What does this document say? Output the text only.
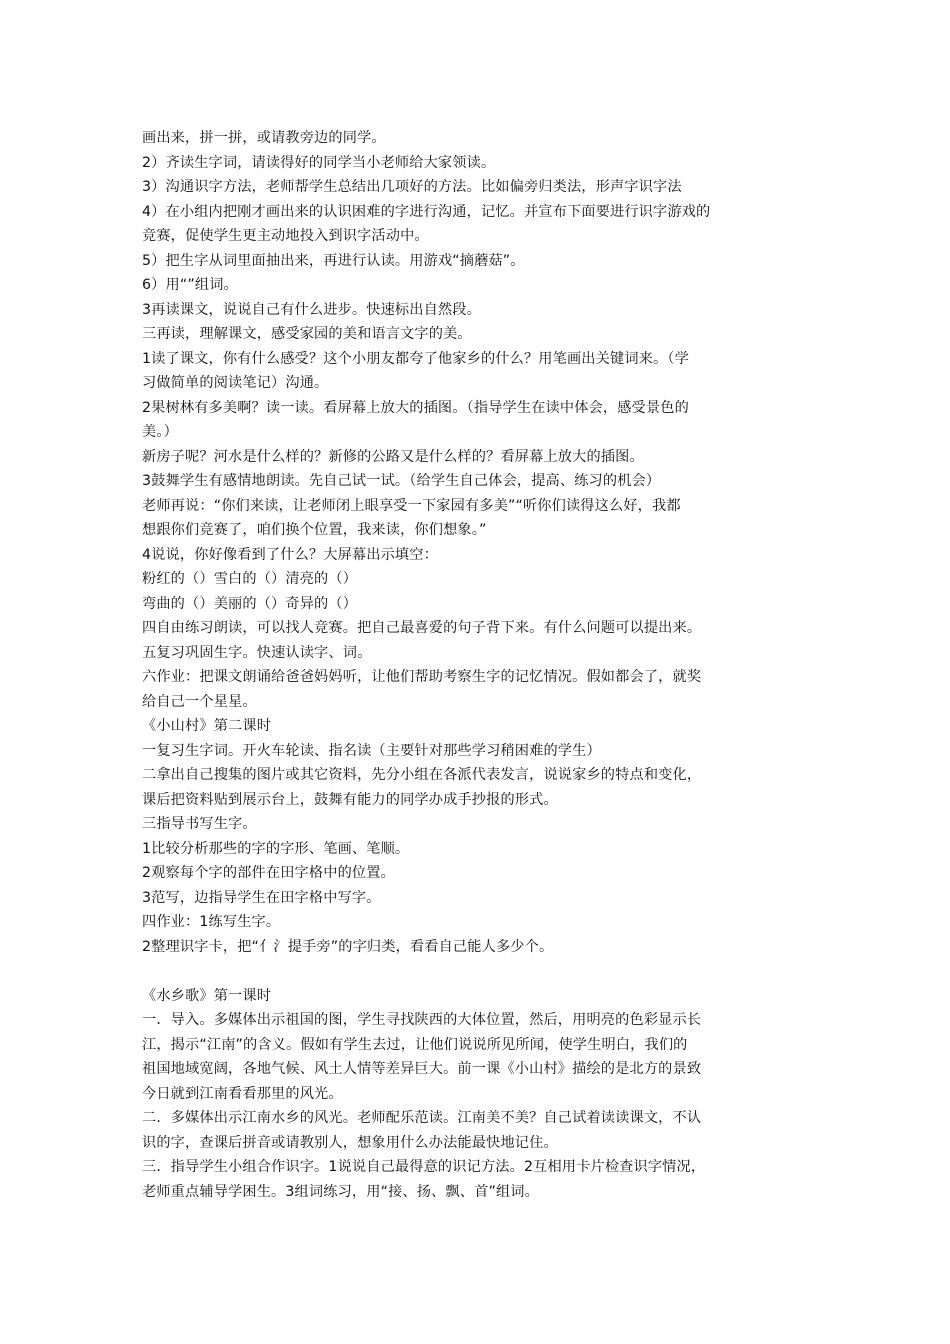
画出来，拼一拼，或请教旁边的同学。
2）齐读生字词，请读得好的同学当小老师给大家领读。
3）沟通识字方法，老师帮学生总结出几项好的方法。比如偏旁归类法，形声字识字法
4）在小组内把刚才画出来的认识困难的字进行沟通，记忆。并宣布下面要进行识字游戏的
竞赛，促使学生更主动地投入到识字活动中。
5）把生字从词里面抽出来，再进行认读。用游戏“摘蘑菇”。
6）用“”组词。
3再读课文，说说自己有什么进步。快速标出自然段。
三再读，理解课文，感受家园的美和语言文字的美。
1读了课文，你有什么感受？这个小朋友都夸了他家乡的什么？用笔画出关键词来。（学
习做简单的阅读笔记）沟通。
2果树林有多美啊？读一读。看屏幕上放大的插图。（指导学生在读中体会，感受景色的
美。）
新房子呢？河水是什么样的？新修的公路又是什么样的？看屏幕上放大的插图。
3鼓舞学生有感情地朗读。先自己试一试。（给学生自己体会，提高、练习的机会）
老师再说：“你们来读，让老师闭上眼享受一下家园有多美”“听你们读得这么好，我都
想跟你们竞赛了，咱们换个位置，我来读，你们想象。”
4说说，你好像看到了什么？大屏幕出示填空：
粉红的（）雪白的（）清亮的（）
弯曲的（）美丽的（）奇异的（）
四自由练习朗读，可以找人竞赛。把自己最喜爱的句子背下来。有什么问题可以提出来。
五复习巩固生字。快速认读字、词。
六作业：把课文朗诵给爸爸妈妈听，让他们帮助考察生字的记忆情况。假如都会了，就奖
给自己一个星星。
《小山村》第二课时
一复习生字词。开火车轮读、指名读（主要针对那些学习稍困难的学生）
二拿出自己搜集的图片或其它资料，先分小组在各派代表发言，说说家乡的特点和变化，
课后把资料贴到展示台上，鼓舞有能力的同学办成手抄报的形式。
三指导书写生字。
1比较分析那些的字的字形、笔画、笔顺。
2观察每个字的部件在田字格中的位置。
3范写，边指导学生在田字格中写字。
四作业：1练写生字。
2整理识字卡，把“亻氵提手旁”的字归类，看看自己能人多少个。
《水乡歌》第一课时
一．导入。多媒体出示祖国的图，学生寻找陕西的大体位置，然后，用明亮的色彩显示长
江，揭示“江南”的含义。假如有学生去过，让他们说说所见所闻，使学生明白，我们的
祖国地域宽阔，各地气候、风土人情等差异巨大。前一课《小山村》描绘的是北方的景致
今日就到江南看看那里的风光。
二．多媒体出示江南水乡的风光。老师配乐范读。江南美不美？自己试着读读课文，不认
识的字，查课后拼音或请教别人，想象用什么办法能最快地记住。
三．指导学生小组合作识字。1说说自己最得意的识记方法。2互相用卡片检查识字情况，
老师重点辅导学困生。3组词练习，用“接、扬、飘、首”组词。
